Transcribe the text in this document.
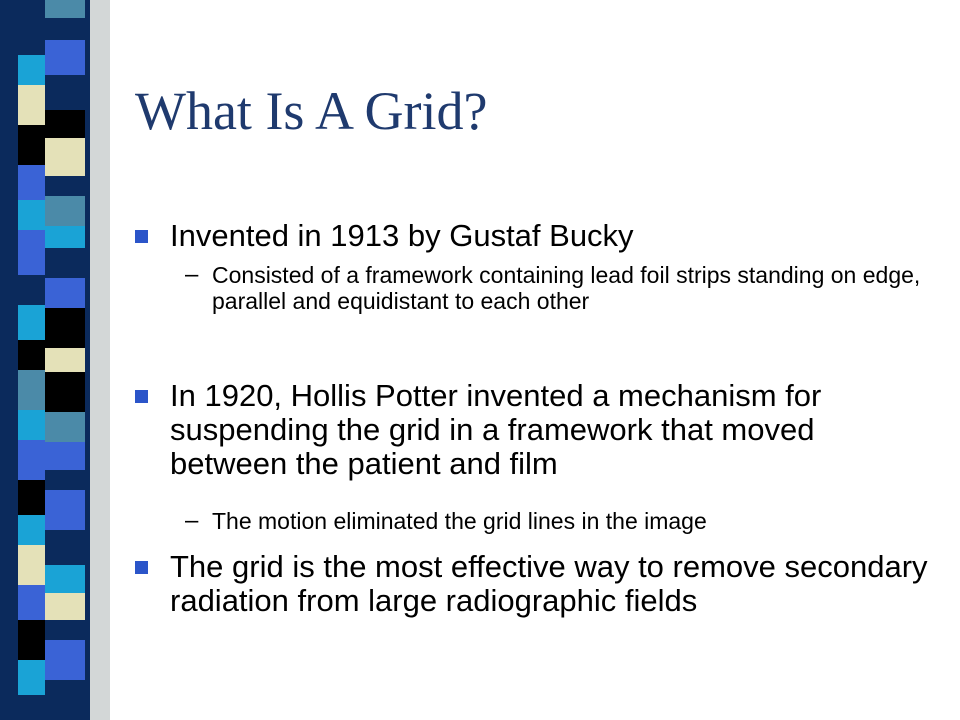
What Is A Grid?
Invented in 1913 by Gustaf Bucky
– Consisted of a framework containing lead foil strips standing on edge, parallel and equidistant to each other
In 1920, Hollis Potter invented a mechanism for suspending the grid in a framework that moved between the patient and film
– The motion eliminated the grid lines in the image
The grid is the most effective way to remove secondary radiation from large radiographic fields
